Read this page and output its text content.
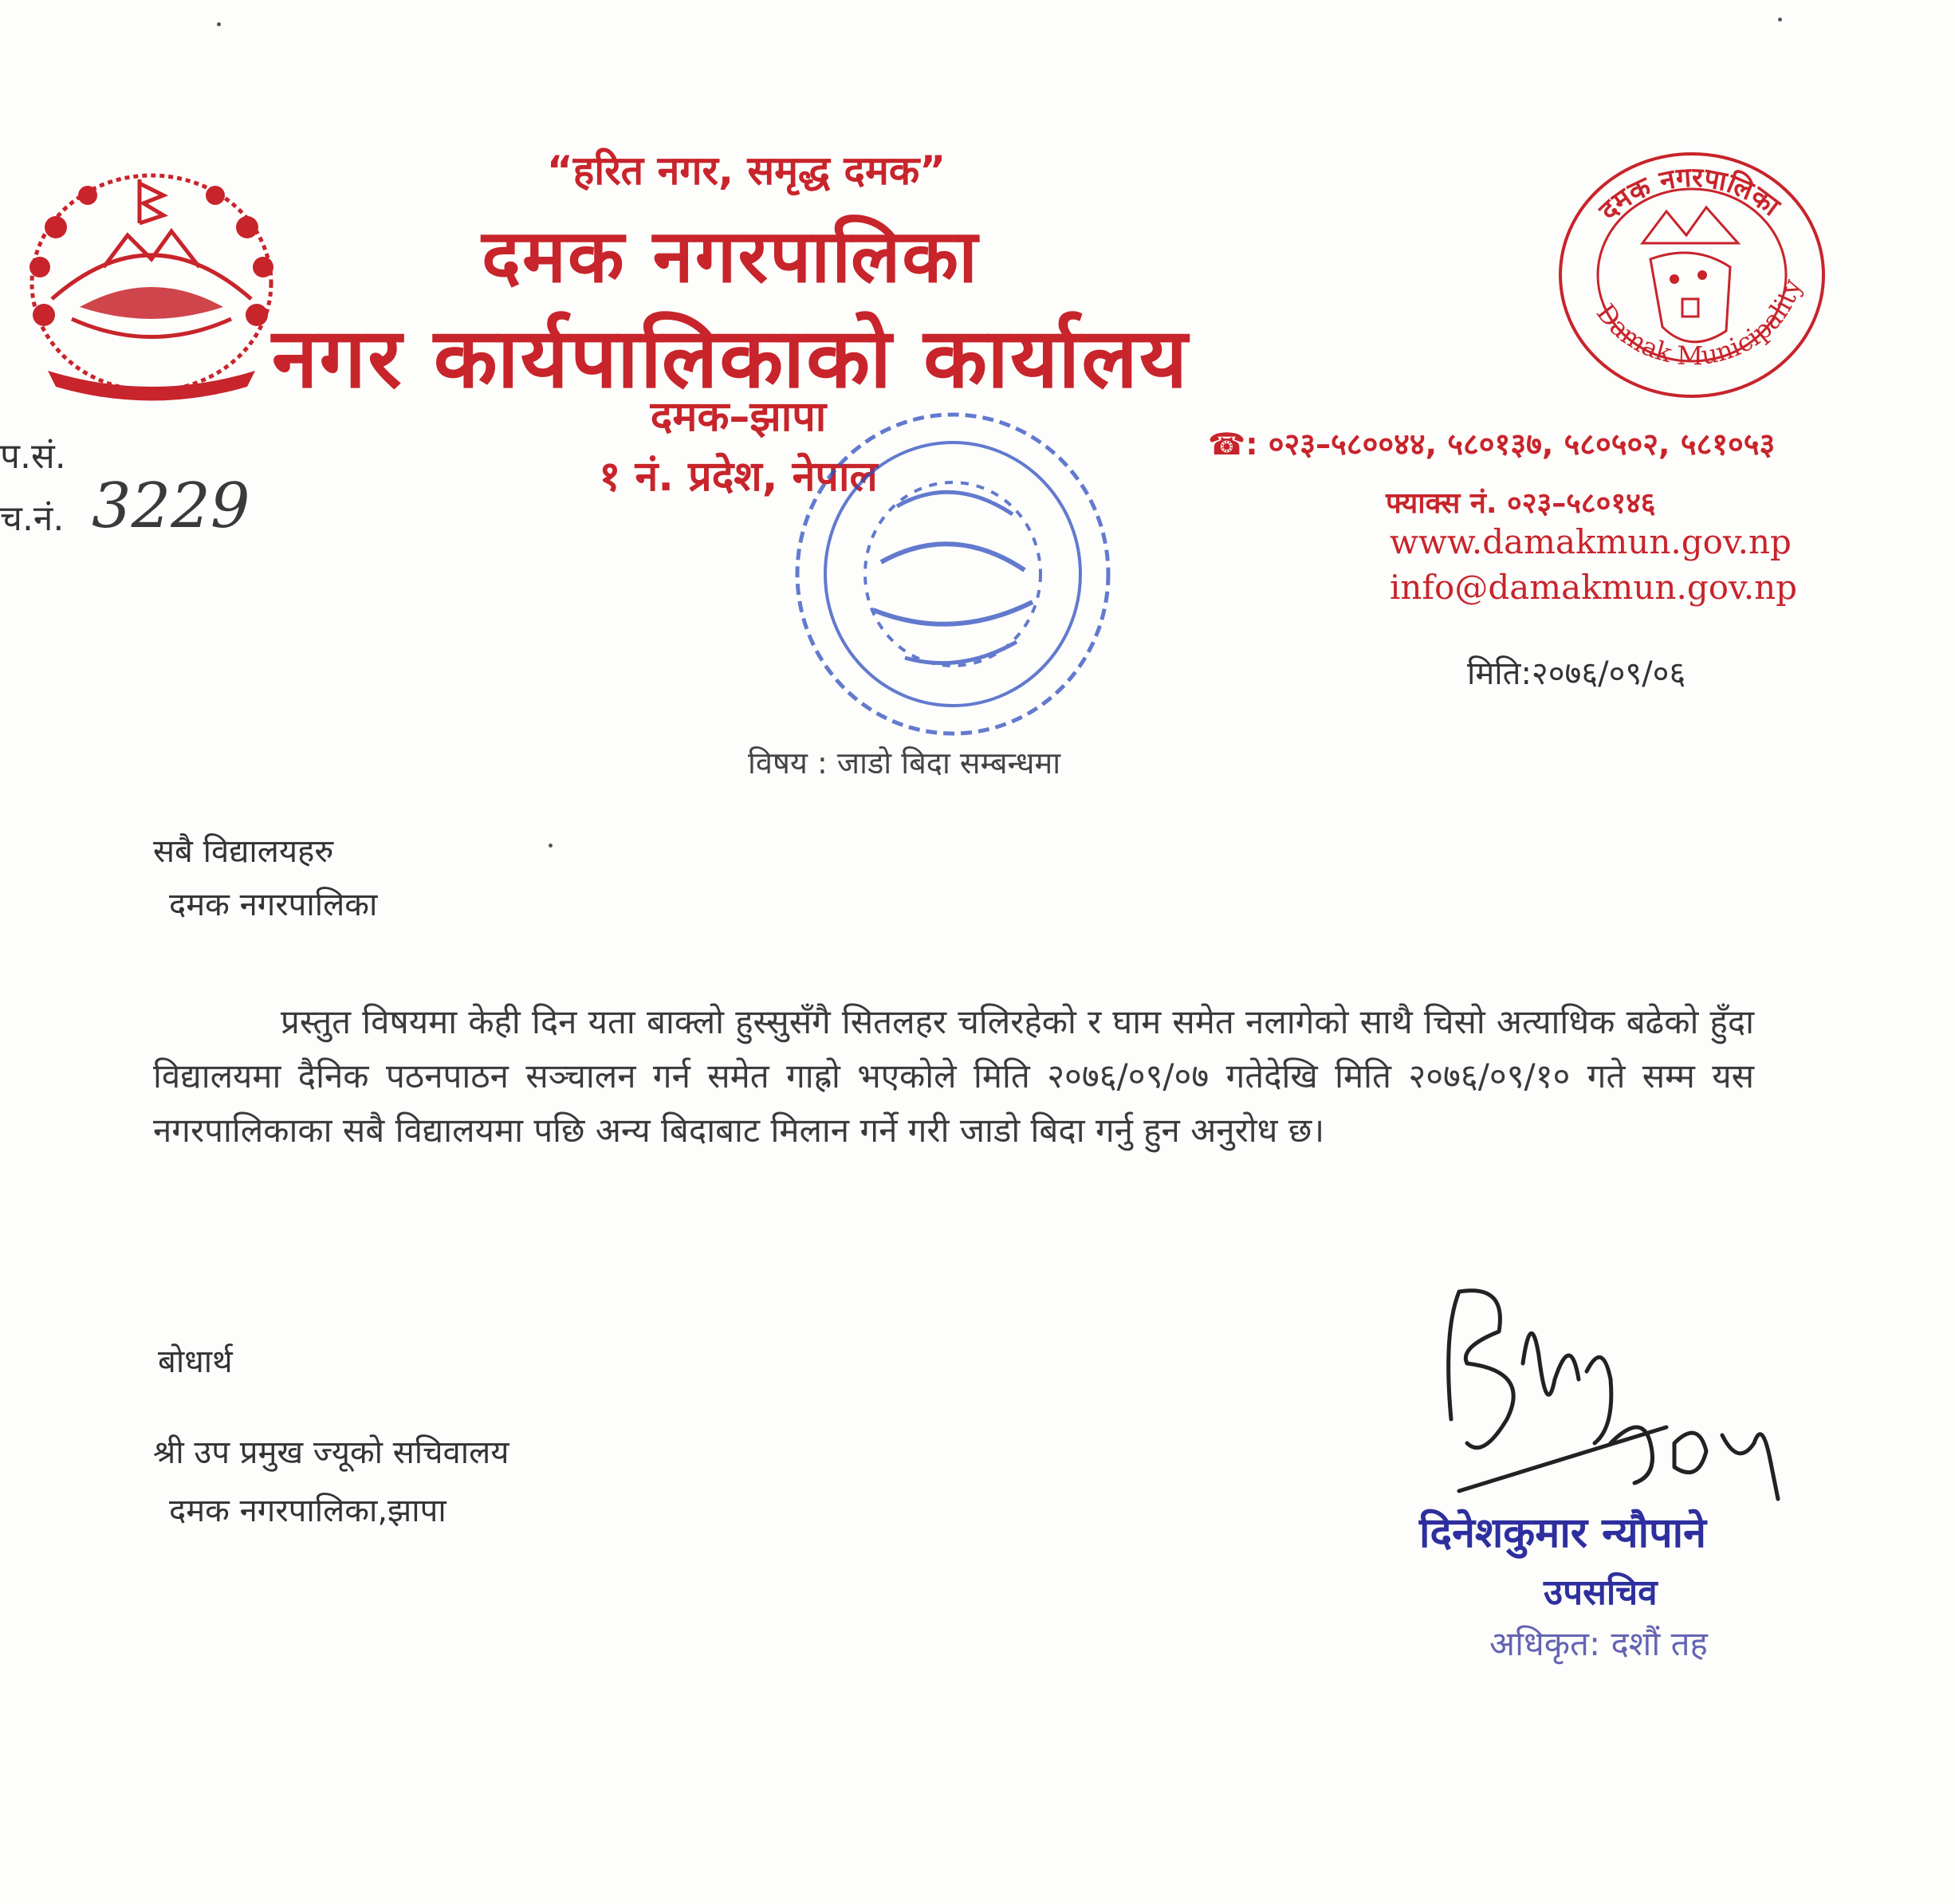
“हरित नगर, समृद्ध दमक”
दमक नगरपालिका
नगर कार्यपालिकाको कार्यालय
दमक–झापा
१ नं. प्रदेश, नेपाल
प.सं.
च.नं. 3229
दमक नगरपालिका
Damak Municipality
☎: ०२३–५८००४४, ५८०१३७, ५८०५०२, ५८१०५३
फ्याक्स नं. ०२३–५८०१४६
www.damakmun.gov.np
info@damakmun.gov.np
मिति:२०७६/०९/०६
विषय : जाडो बिदा सम्बन्धमा
सबै विद्यालयहरु
दमक नगरपालिका
प्रस्तुत विषयमा केही दिन यता बाक्लो हुस्सुसँगै सितलहर चलिरहेको र घाम समेत नलागेको साथै चिसो अत्याधिक बढेको हुँदा विद्यालयमा दैनिक पठनपाठन सञ्चालन गर्न समेत गाह्रो भएकोले मिति २०७६/०९/०७ गतेदेखि मिति २०७६/०९/१० गते सम्म यस नगरपालिकाका सबै विद्यालयमा पछि अन्य बिदाबाट मिलान गर्ने गरी जाडो बिदा गर्नु हुन अनुरोध छ।
बोधार्थ
श्री उप प्रमुख ज्यूको सचिवालय
दमक नगरपालिका,झापा	दिनेशकुमार न्यौपाने
उपसचिव
अधिकृत: दशौं तह
